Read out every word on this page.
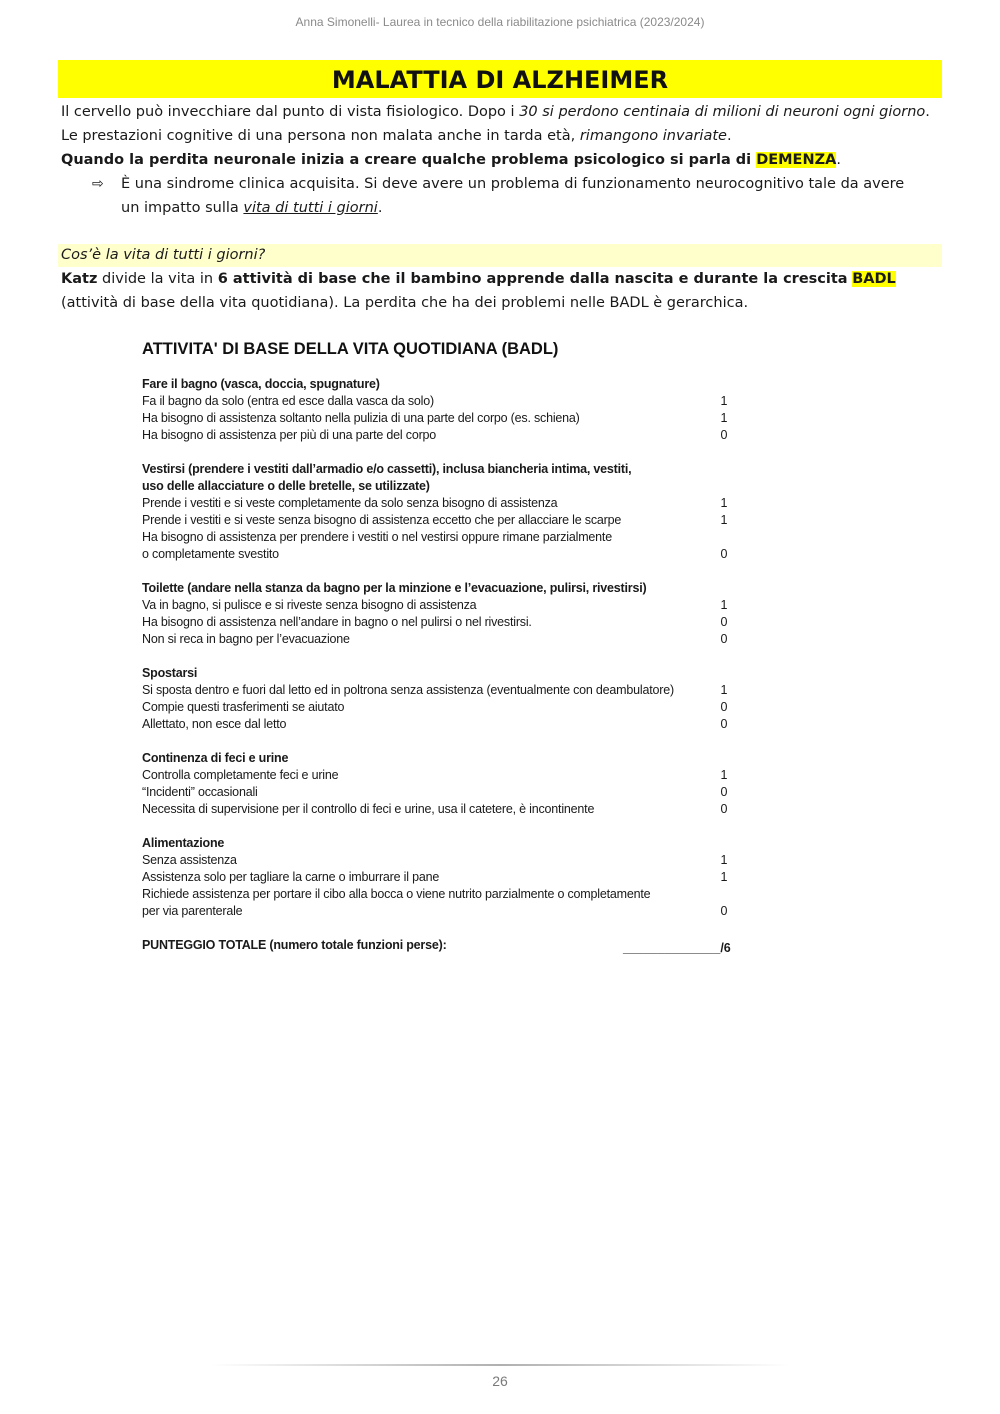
Anna Simonelli- Laurea in tecnico della riabilitazione psichiatrica (2023/2024)
MALATTIA DI ALZHEIMER
Il cervello può invecchiare dal punto di vista fisiologico. Dopo i 30 si perdono centinaia di milioni di neuroni ogni giorno. Le prestazioni cognitive di una persona non malata anche in tarda età, rimangono invariate.
Quando la perdita neuronale inizia a creare qualche problema psicologico si parla di DEMENZA.
⇨ È una sindrome clinica acquisita. Si deve avere un problema di funzionamento neurocognitivo tale da avere un impatto sulla vita di tutti i giorni.
Cos’è la vita di tutti i giorni?
Katz divide la vita in 6 attività di base che il bambino apprende dalla nascita e durante la crescita BADL (attività di base della vita quotidiana). La perdita che ha dei problemi nelle BADL è gerarchica.
ATTIVITA' DI BASE DELLA VITA QUOTIDIANA (BADL)
Fare il bagno (vasca, doccia, spugnature)
Fa il bagno da solo (entra ed esce dalla vasca da solo)	1
Ha bisogno di assistenza soltanto nella pulizia di una parte del corpo (es. schiena)	1
Ha bisogno di assistenza per più di una parte del corpo	0
Vestirsi (prendere i vestiti dall’armadio e/o cassetti), inclusa biancheria intima, vestiti,
uso delle allacciature o delle bretelle, se utilizzate)
Prende i vestiti e si veste completamente da solo senza bisogno di assistenza	1
Prende i vestiti e si veste senza bisogno di assistenza eccetto che per allacciare le scarpe	1
Ha bisogno di assistenza per prendere i vestiti o nel vestirsi oppure rimane parzialmente
o completamente svestito	0
Toilette (andare nella stanza da bagno per la minzione e l’evacuazione, pulirsi, rivestirsi)
Va in bagno, si pulisce e si riveste senza bisogno di assistenza	1
Ha bisogno di assistenza nell’andare in bagno o nel pulirsi o nel rivestirsi.	0
Non si reca in bagno per l’evacuazione	0
Spostarsi
Si sposta dentro e fuori dal letto ed in poltrona senza assistenza (eventualmente con deambulatore)	1
Compie questi trasferimenti se aiutato	0
Allettato, non esce dal letto	0
Continenza di feci e urine
Controlla completamente feci e urine	1
“Incidenti” occasionali	0
Necessita di supervisione per il controllo di feci e urine, usa il catetere, è incontinente	0
Alimentazione
Senza assistenza	1
Assistenza solo per tagliare la carne o imburrare il pane	1
Richiede assistenza per portare il cibo alla bocca o viene nutrito parzialmente o completamente
per via parenterale	0
PUNTEGGIO TOTALE (numero totale funzioni perse):	______________/6
26
